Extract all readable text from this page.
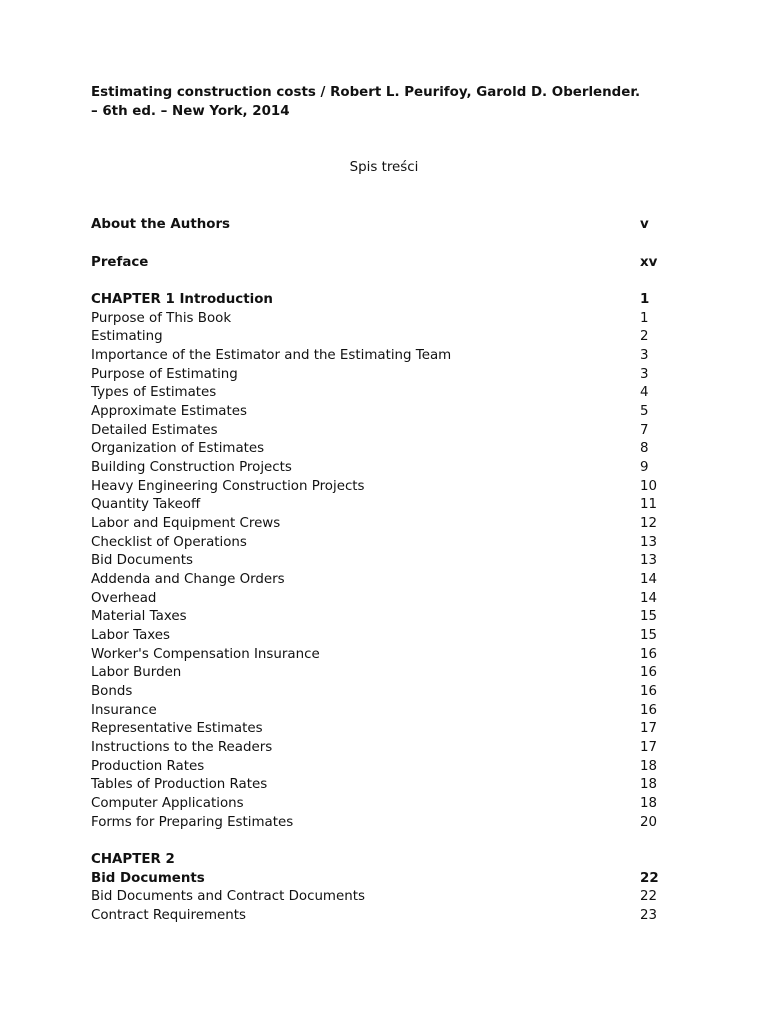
Estimating construction costs / Robert L. Peurifoy, Garold D. Oberlender.
– 6th ed. – New York, 2014
Spis treści
About the Authors	v
Preface	xv
CHAPTER 1 Introduction	1
Purpose of This Book	1
Estimating	2
Importance of the Estimator and the Estimating Team	3
Purpose of Estimating	3
Types of Estimates	4
Approximate Estimates	5
Detailed Estimates	7
Organization of Estimates	8
Building Construction Projects	9
Heavy Engineering Construction Projects	10
Quantity Takeoff	11
Labor and Equipment Crews	12
Checklist of Operations	13
Bid Documents	13
Addenda and Change Orders	14
Overhead	14
Material Taxes	15
Labor Taxes	15
Worker's Compensation Insurance	16
Labor Burden	16
Bonds	16
Insurance	16
Representative Estimates	17
Instructions to the Readers	17
Production Rates	18
Tables of Production Rates	18
Computer Applications	18
Forms for Preparing Estimates	20
CHAPTER 2
Bid Documents	22
Bid Documents and Contract Documents	22
Contract Requirements	23
